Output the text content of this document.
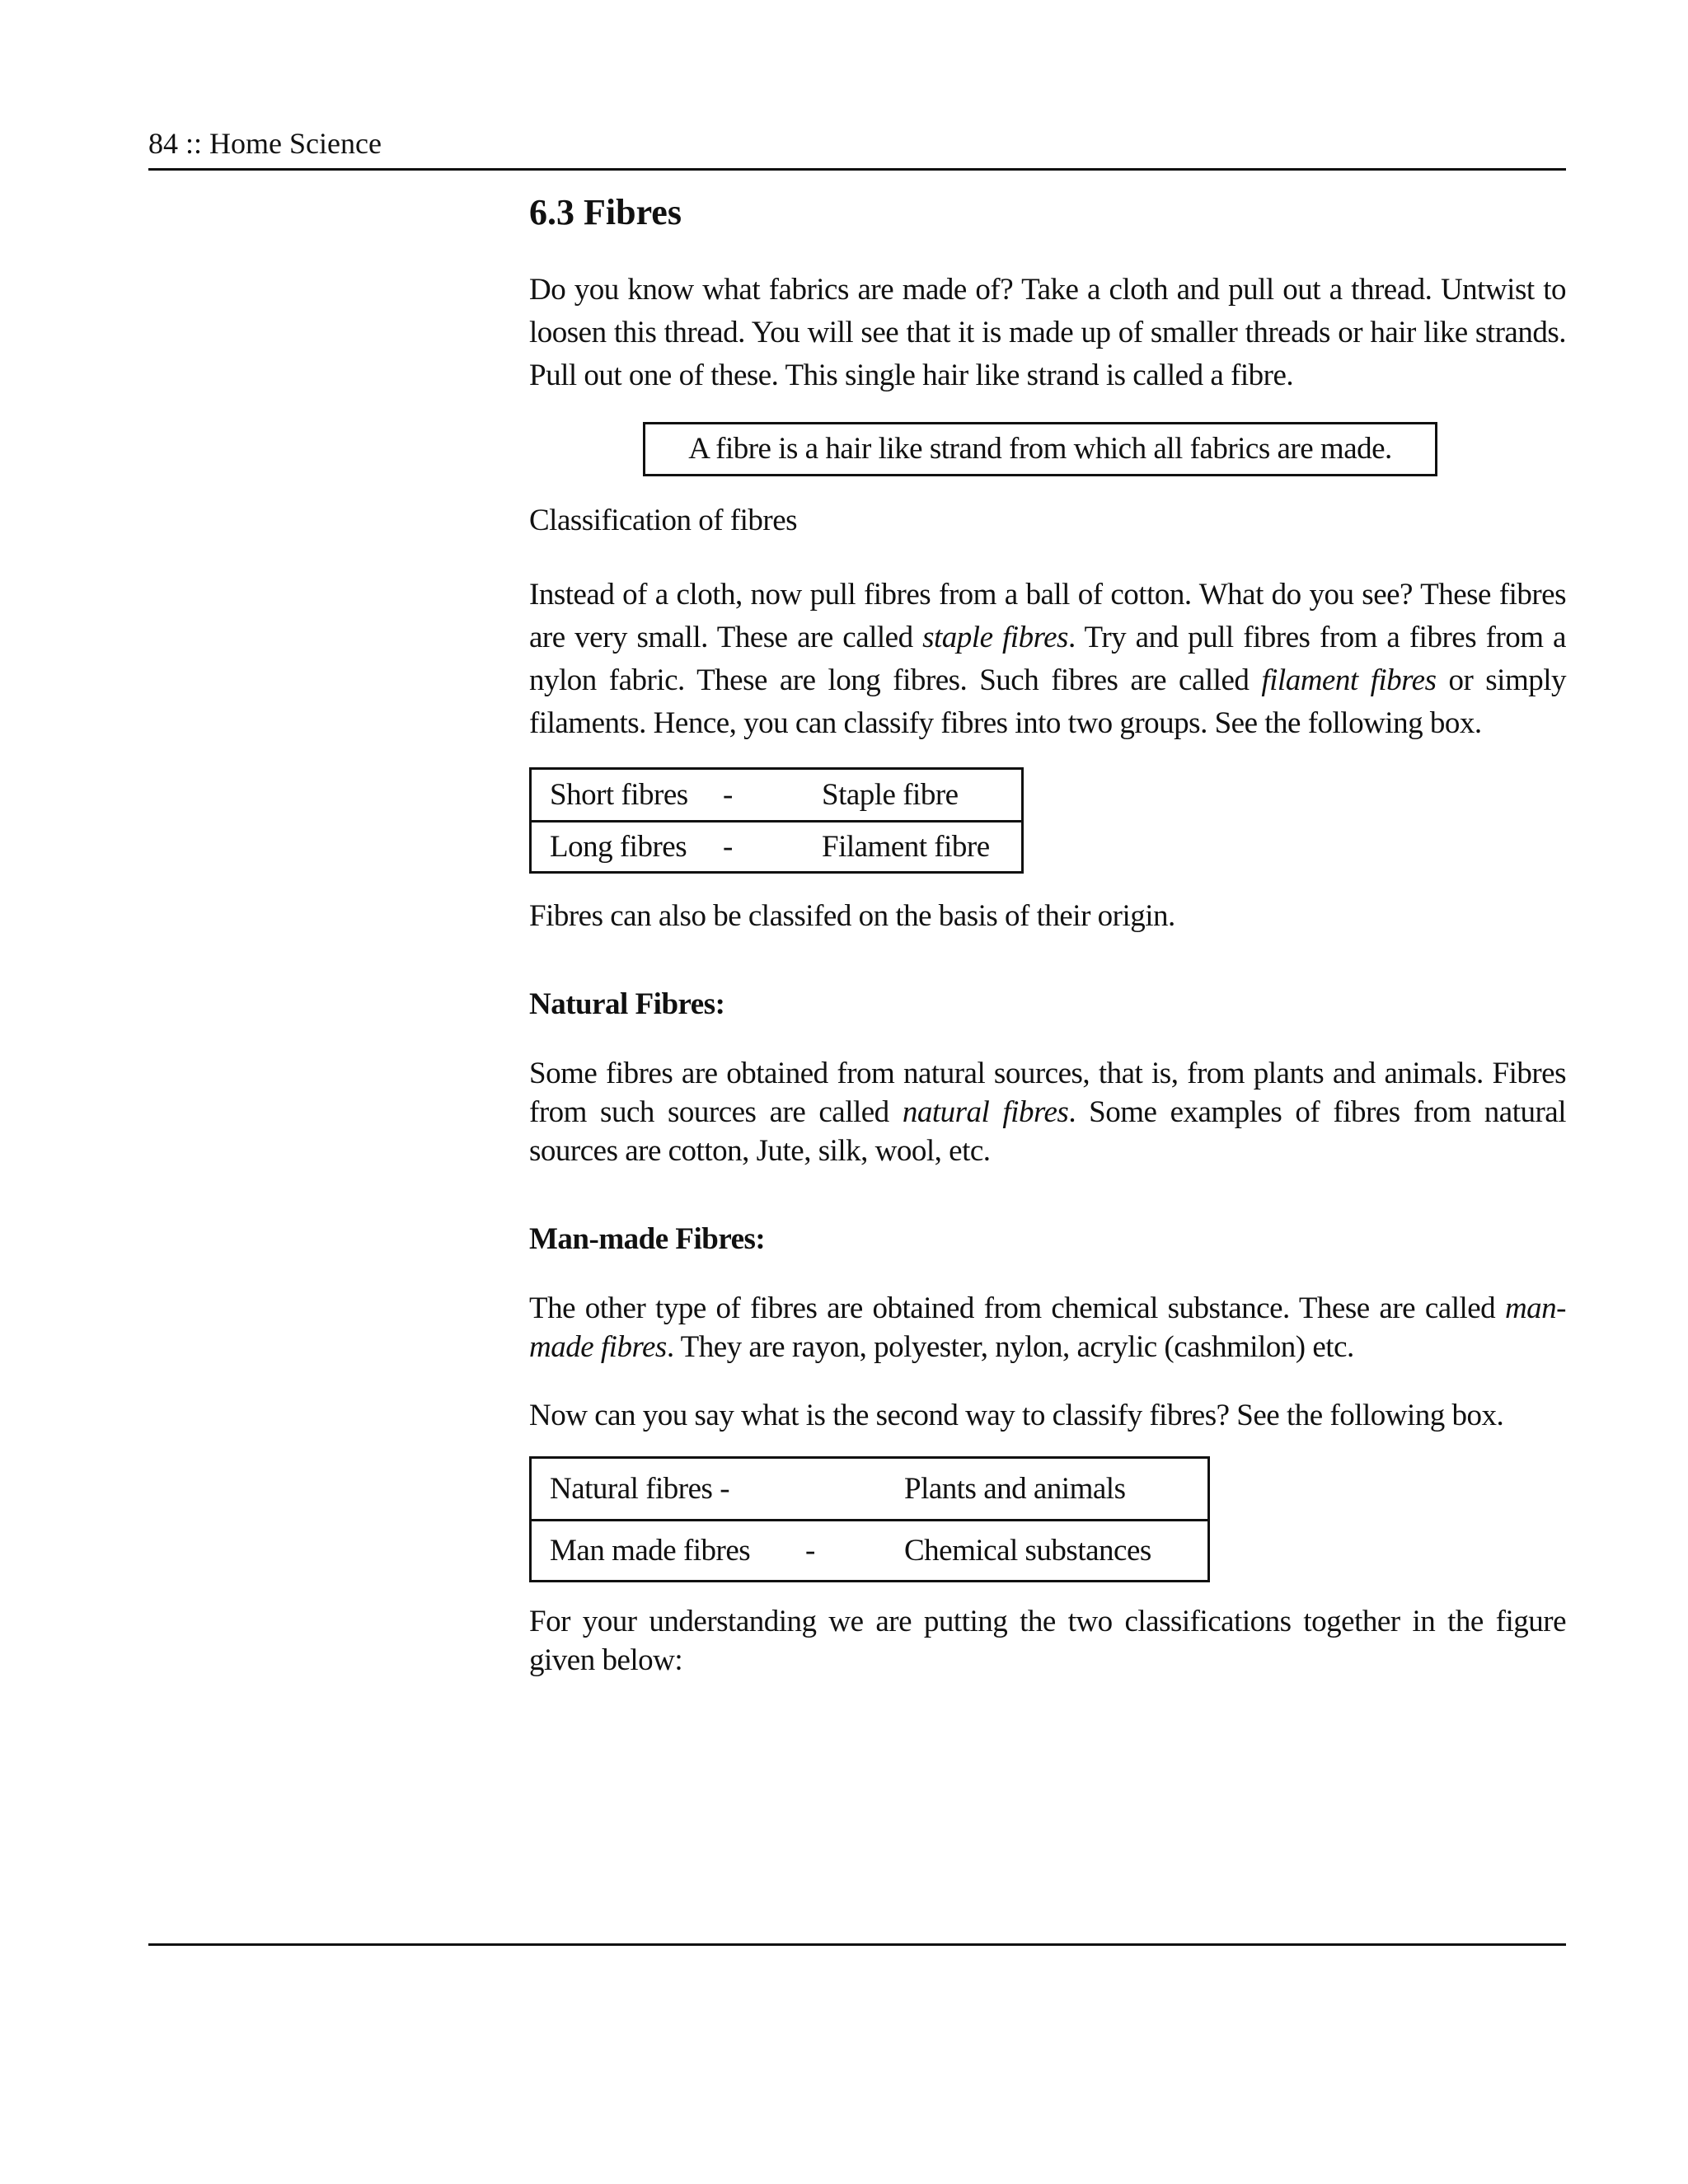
84 :: Home Science
6.3 Fibres

Do you know what fabrics are made of? Take a cloth and pull out a thread. Untwist to loosen this thread. You will see that it is made up of smaller threads or hair like strands. Pull out one of these. This single hair like strand is called a fibre.

A fibre is a hair like strand from which all fabrics are made.

Classification of fibres

Instead of a cloth, now pull fibres from a ball of cotton. What do you see? These fibres are very small. These are called staple fibres. Try and pull fibres from a fibres from a nylon fabric. These are long fibres. Such fibres are called filament fibres or simply filaments. Hence, you can classify fibres into two groups. See the following box.

Short fibres	-	Staple fibre
Long fibres	-	Filament fibre

Fibres can also be classifed on the basis of their origin.

Natural Fibres:

Some fibres are obtained from natural sources, that is, from plants and animals. Fibres from such sources are called natural fibres. Some examples of fibres from natural sources are cotton, Jute, silk, wool, etc.

Man-made Fibres:

The other type of fibres are obtained from chemical substance. These are called man-made fibres. They are rayon, polyester, nylon, acrylic (cashmilon) etc.

Now can you say what is the second way to classify fibres? See the following box.

Natural fibres -		Plants and animals
Man made fibres	-	Chemical substances

For your understanding we are putting the two classifications together in the figure given below:
